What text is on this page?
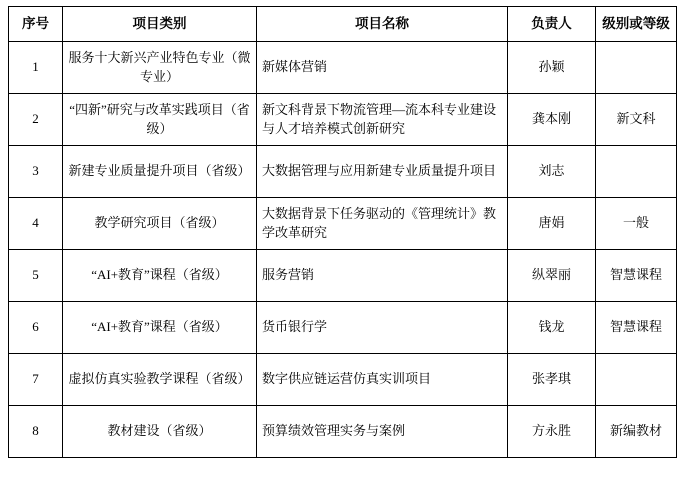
序号	项目类别	项目名称	负责人	级别或等级
1	服务十大新兴产业特色专业（微专业）	新媒体营销	孙颖	
2	“四新”研究与改革实践项目（省级）	新文科背景下物流管理—流本科专业建设与人才培养模式创新研究	龚本刚	新文科
3	新建专业质量提升项目（省级）	大数据管理与应用新建专业质量提升项目	刘志	
4	教学研究项目（省级）	大数据背景下任务驱动的《管理统计》教学改革研究	唐娟	一般
5	“AI+教育”课程（省级）	服务营销	纵翠丽	智慧课程
6	“AI+教育”课程（省级）	货币银行学	钱龙	智慧课程
7	虚拟仿真实验教学课程（省级）	数字供应链运营仿真实训项目	张孝琪	
8	教材建设（省级）	预算绩效管理实务与案例	方永胜	新编教材
